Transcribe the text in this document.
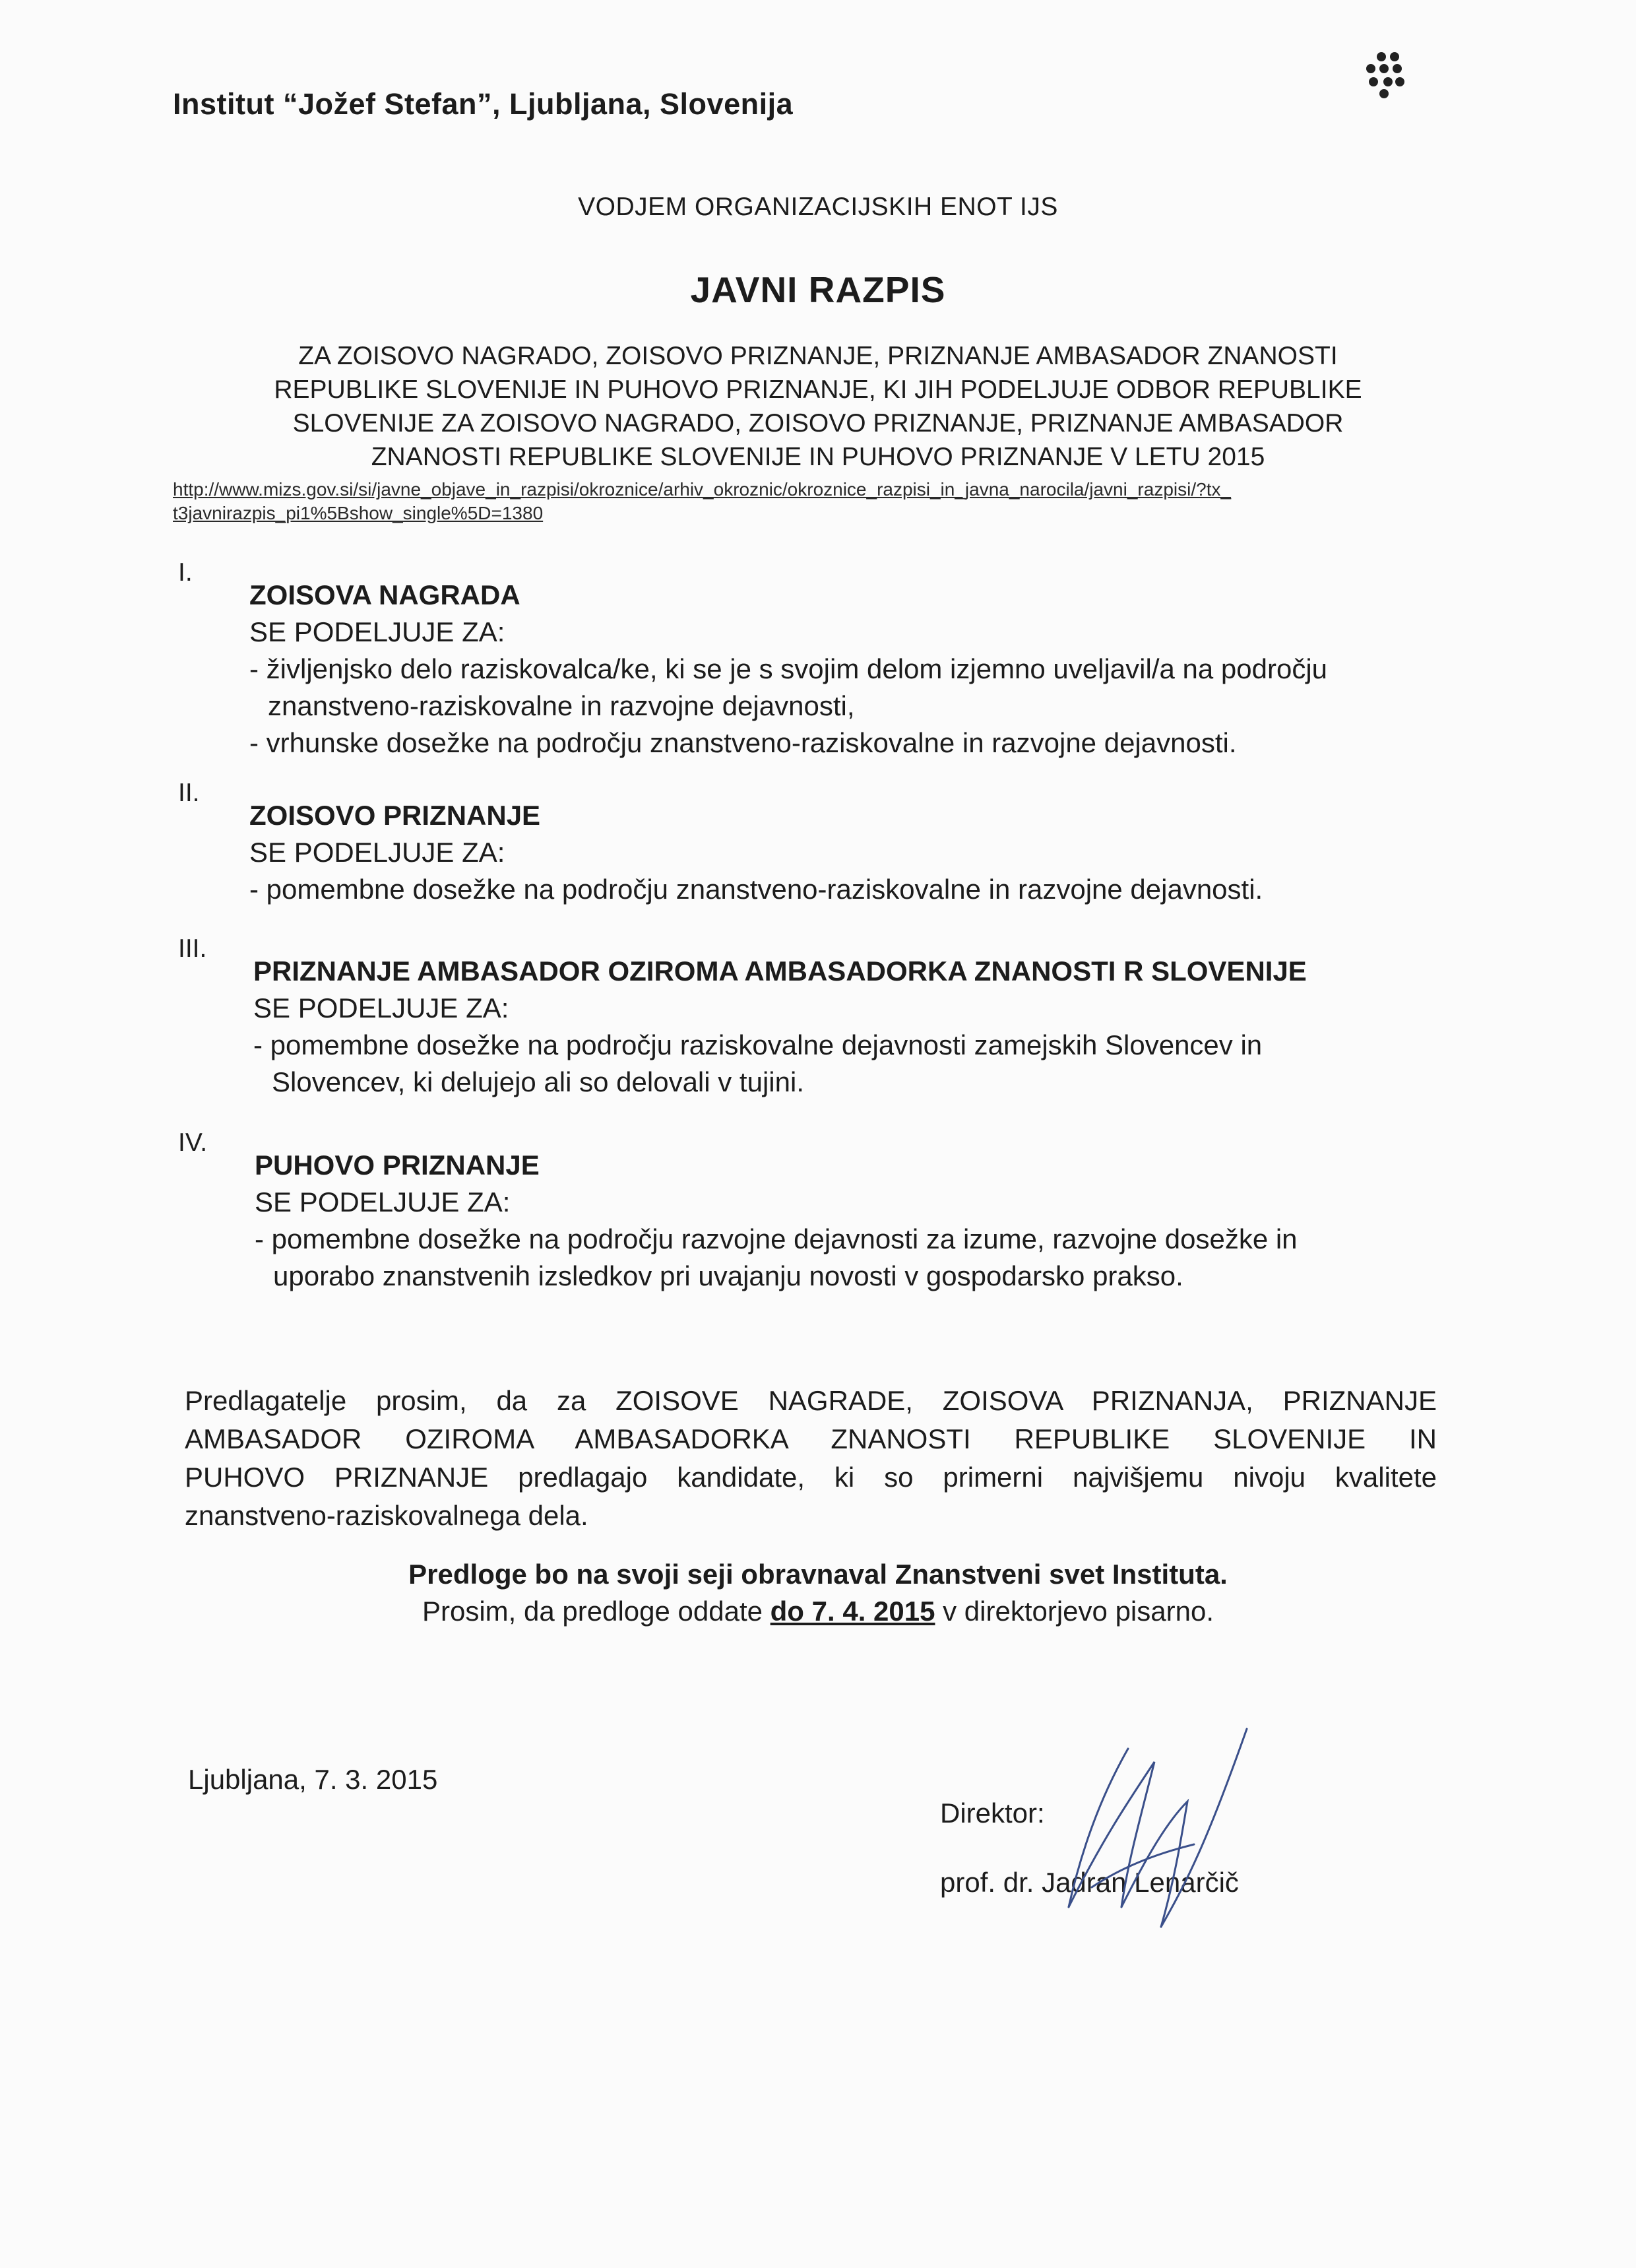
Institut “Jožef Stefan”, Ljubljana, Slovenija
VODJEM ORGANIZACIJSKIH ENOT IJS
JAVNI RAZPIS
ZA ZOISOVO NAGRADO, ZOISOVO PRIZNANJE, PRIZNANJE AMBASADOR ZNANOSTI
REPUBLIKE SLOVENIJE IN PUHOVO PRIZNANJE, KI JIH PODELJUJE ODBOR REPUBLIKE
SLOVENIJE ZA ZOISOVO NAGRADO, ZOISOVO PRIZNANJE, PRIZNANJE AMBASADOR
ZNANOSTI REPUBLIKE SLOVENIJE IN PUHOVO PRIZNANJE V LETU 2015
http://www.mizs.gov.si/si/javne_objave_in_razpisi/okroznice/arhiv_okroznic/okroznice_razpisi_in_javna_narocila/javni_razpisi/?tx_
t3javnirazpis_pi1%5Bshow_single%5D=1380
I.
ZOISOVA NAGRADA
SE PODELJUJE ZA:
- življenjsko delo raziskovalca/ke, ki se je s svojim delom izjemno uveljavil/a na področju
znanstveno-raziskovalne in razvojne dejavnosti,
- vrhunske dosežke na področju znanstveno-raziskovalne in razvojne dejavnosti.
II.
ZOISOVO PRIZNANJE
SE PODELJUJE ZA:
- pomembne dosežke na področju znanstveno-raziskovalne in razvojne dejavnosti.
III.
PRIZNANJE AMBASADOR OZIROMA AMBASADORKA ZNANOSTI R SLOVENIJE
SE PODELJUJE ZA:
- pomembne dosežke na področju raziskovalne dejavnosti zamejskih Slovencev in
Slovencev, ki delujejo ali so delovali v tujini.
IV.
PUHOVO PRIZNANJE
SE PODELJUJE ZA:
- pomembne dosežke na področju razvojne dejavnosti za izume, razvojne dosežke in
uporabo znanstvenih izsledkov pri uvajanju novosti v gospodarsko prakso.
Predlagatelje prosim, da za ZOISOVE NAGRADE, ZOISOVA PRIZNANJA, PRIZNANJE
AMBASADOR OZIROMA AMBASADORKA ZNANOSTI REPUBLIKE SLOVENIJE IN
PUHOVO PRIZNANJE predlagajo kandidate, ki so primerni najvišjemu nivoju kvalitete
znanstveno-raziskovalnega dela.
Predloge bo na svoji seji obravnaval Znanstveni svet Instituta.
Prosim, da predloge oddate do 7. 4. 2015 v direktorjevo pisarno.
Ljubljana, 7. 3. 2015
Direktor:
prof. dr. Jadran Lenarčič
